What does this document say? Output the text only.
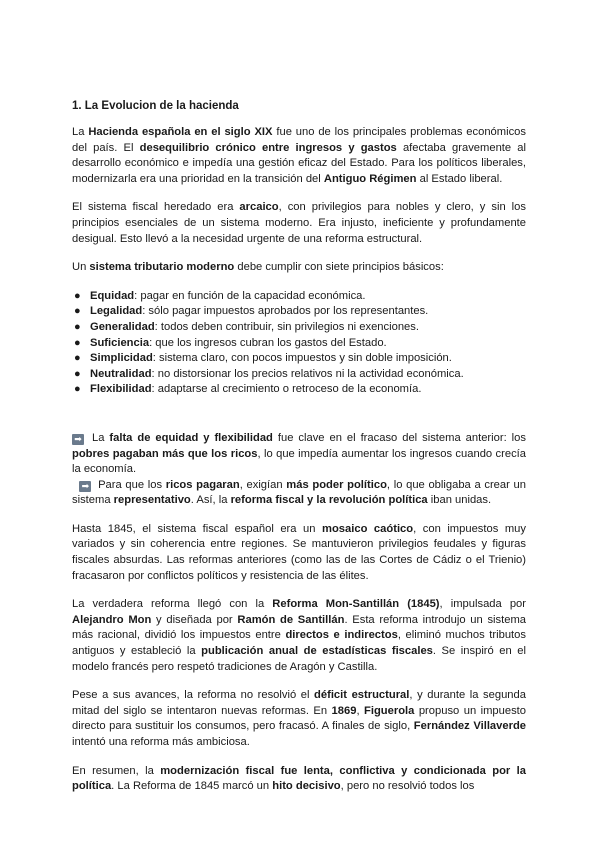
1. La Evolucion de la hacienda

La Hacienda española en el siglo XIX fue uno de los principales problemas económicos del país. El desequilibrio crónico entre ingresos y gastos afectaba gravemente al desarrollo económico e impedía una gestión eficaz del Estado. Para los políticos liberales, modernizarla era una prioridad en la transición del Antiguo Régimen al Estado liberal.

El sistema fiscal heredado era arcaico, con privilegios para nobles y clero, y sin los principios esenciales de un sistema moderno. Era injusto, ineficiente y profundamente desigual. Esto llevó a la necesidad urgente de una reforma estructural.

Un sistema tributario moderno debe cumplir con siete principios básicos:

● Equidad: pagar en función de la capacidad económica.
● Legalidad: sólo pagar impuestos aprobados por los representantes.
● Generalidad: todos deben contribuir, sin privilegios ni exenciones.
● Suficiencia: que los ingresos cubran los gastos del Estado.
● Simplicidad: sistema claro, con pocos impuestos y sin doble imposición.
● Neutralidad: no distorsionar los precios relativos ni la actividad económica.
● Flexibilidad: adaptarse al crecimiento o retroceso de la economía.

➡ La falta de equidad y flexibilidad fue clave en el fracaso del sistema anterior: los pobres pagaban más que los ricos, lo que impedía aumentar los ingresos cuando crecía la economía.

➡ Para que los ricos pagaran, exigían más poder político, lo que obligaba a crear un sistema representativo. Así, la reforma fiscal y la revolución política iban unidas.

Hasta 1845, el sistema fiscal español era un mosaico caótico, con impuestos muy variados y sin coherencia entre regiones. Se mantuvieron privilegios feudales y figuras fiscales absurdas. Las reformas anteriores (como las de las Cortes de Cádiz o el Trienio) fracasaron por conflictos políticos y resistencia de las élites.

La verdadera reforma llegó con la Reforma Mon-Santillán (1845), impulsada por Alejandro Mon y diseñada por Ramón de Santillán. Esta reforma introdujo un sistema más racional, dividió los impuestos entre directos e indirectos, eliminó muchos tributos antiguos y estableció la publicación anual de estadísticas fiscales. Se inspiró en el modelo francés pero respetó tradiciones de Aragón y Castilla.

Pese a sus avances, la reforma no resolvió el déficit estructural, y durante la segunda mitad del siglo se intentaron nuevas reformas. En 1869, Figuerola propuso un impuesto directo para sustituir los consumos, pero fracasó. A finales de siglo, Fernández Villaverde intentó una reforma más ambiciosa.

En resumen, la modernización fiscal fue lenta, conflictiva y condicionada por la política. La Reforma de 1845 marcó un hito decisivo, pero no resolvió todos los
